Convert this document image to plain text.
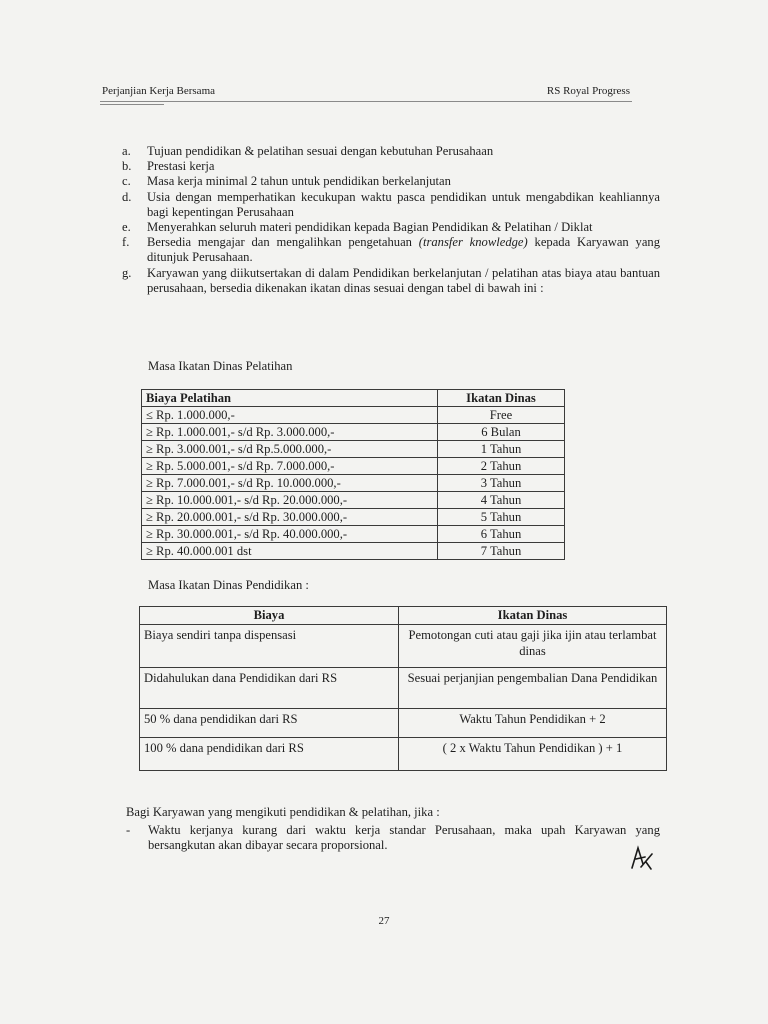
Perjanjian Kerja Bersama	RS Royal Progress
a.	Tujuan pendidikan & pelatihan sesuai dengan kebutuhan Perusahaan
b.	Prestasi kerja
c.	Masa kerja minimal 2 tahun untuk pendidikan berkelanjutan
d.	Usia dengan memperhatikan kecukupan waktu pasca pendidikan untuk mengabdikan keahliannya bagi kepentingan Perusahaan
e.	Menyerahkan seluruh materi pendidikan kepada Bagian Pendidikan & Pelatihan / Diklat
f.	Bersedia mengajar dan mengalihkan pengetahuan (transfer knowledge) kepada Karyawan yang ditunjuk Perusahaan.
g.	Karyawan yang diikutsertakan di dalam Pendidikan berkelanjutan / pelatihan atas biaya atau bantuan perusahaan, bersedia dikenakan ikatan dinas sesuai dengan tabel di bawah ini :
Masa Ikatan Dinas Pelatihan
Biaya Pelatihan	Ikatan Dinas
≤ Rp. 1.000.000,-	Free
≥ Rp. 1.000.001,- s/d Rp. 3.000.000,-	6 Bulan
≥ Rp. 3.000.001,- s/d Rp.5.000.000,-	1 Tahun
≥ Rp. 5.000.001,- s/d Rp. 7.000.000,-	2 Tahun
≥ Rp. 7.000.001,- s/d Rp. 10.000.000,-	3 Tahun
≥ Rp. 10.000.001,- s/d Rp. 20.000.000,-	4 Tahun
≥ Rp. 20.000.001,- s/d Rp. 30.000.000,-	5 Tahun
≥ Rp. 30.000.001,- s/d Rp. 40.000.000,-	6 Tahun
≥ Rp. 40.000.001 dst	7 Tahun
Masa Ikatan Dinas Pendidikan :
Biaya	Ikatan Dinas
Biaya sendiri tanpa dispensasi	Pemotongan cuti atau gaji jika ijin atau terlambat dinas
Didahulukan dana Pendidikan dari RS	Sesuai perjanjian pengembalian Dana Pendidikan
50 % dana pendidikan dari RS	Waktu Tahun Pendidikan + 2
100 % dana pendidikan dari RS	( 2 x Waktu Tahun Pendidikan ) + 1
Bagi Karyawan yang mengikuti pendidikan & pelatihan, jika :
-	Waktu kerjanya kurang dari waktu kerja standar Perusahaan, maka upah Karyawan yang bersangkutan akan dibayar secara proporsional.
27
